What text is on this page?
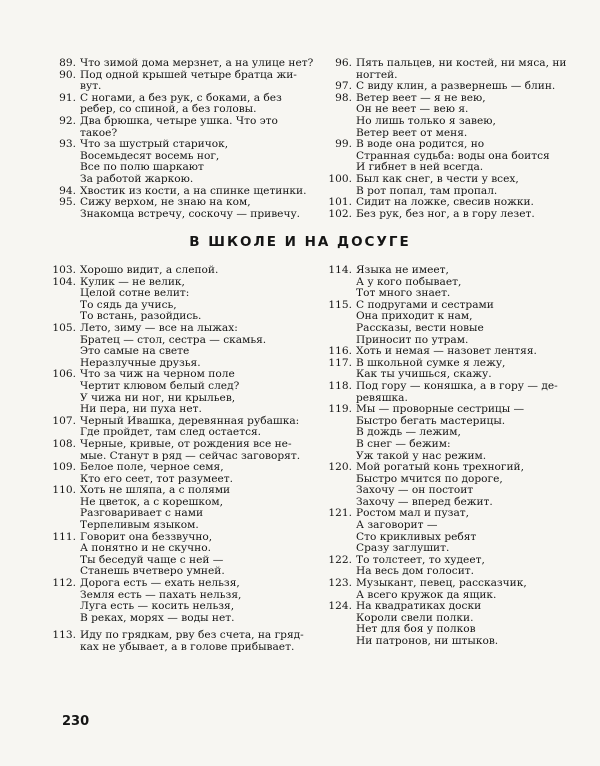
89. Что зимой дома мерзнет, а на улице нет?
90. Под одной крышей четыре братца жи-
вут.
91. С ногами, а без рук, с боками, а без
ребер, со спиной, а без головы.
92. Два брюшка, четыре ушка. Что это
такое?
93. Что за шустрый старичок,
Восемьдесят восемь ног,
Все по полю шаркают
За работой жаркою.
94. Хвостик из кости, а на спинке щетинки.
95. Сижу верхом, не знаю на ком,
Знакомца встречу, соскочу — привечу.
96. Пять пальцев, ни костей, ни мяса, ни
ногтей.
97. С виду клин, а развернешь — блин.
98. Ветер веет — я не вею,
Он не веет — вею я.
Но лишь только я завею,
Ветер веет от меня.
99. В воде она родится, но
Странная судьба: воды она боится
И гибнет в ней всегда.
100. Был как снег, в чести у всех,
В рот попал, там пропал.
101. Сидит на ложке, свесив ножки.
102. Без рук, без ног, а в гору лезет.
В ШКОЛЕ И НА ДОСУГЕ
103. Хорошо видит, а слепой.
104. Кулик — не велик,
Целой сотне велит:
То сядь да учись,
То встань, разойдись.
105. Лето, зиму — все на лыжах:
Братец — стол, сестра — скамья.
Это самые на свете
Неразлучные друзья.
106. Что за чиж на черном поле
Чертит клювом белый след?
У чижа ни ног, ни крыльев,
Ни пера, ни пуха нет.
107. Черный Ивашка, деревянная рубашка:
Где пройдет, там след остается.
108. Черные, кривые, от рождения все не-
мые. Станут в ряд — сейчас заговорят.
109. Белое поле, черное семя,
Кто его сеет, тот разумеет.
110. Хоть не шляпа, а с полями
Не цветок, а с корешком,
Разговаривает с нами
Терпеливым языком.
111. Говорит она беззвучно,
А понятно и не скучно.
Ты беседуй чаще с ней —
Станешь вчетверо умней.
112. Дорога есть — ехать нельзя,
Земля есть — пахать нельзя,
Луга есть — косить нельзя,
В реках, морях — воды нет.
113. Иду по грядкам, рву без счета, на гряд-
ках не убывает, а в голове прибывает.
114. Языка не имеет,
А у кого побывает,
Тот много знает.
115. С подругами и сестрами
Она приходит к нам,
Рассказы, вести новые
Приносит по утрам.
116. Хоть и немая — назовет лентяя.
117. В школьной сумке я лежу,
Как ты учишься, скажу.
118. Под гору — коняшка, а в гору — де-
ревяшка.
119. Мы — проворные сестрицы —
Быстро бегать мастерицы.
В дождь — лежим,
В снег — бежим:
Уж такой у нас режим.
120. Мой рогатый конь трехногий,
Быстро мчится по дороге,
Захочу — он постоит
Захочу — вперед бежит.
121. Ростом мал и пузат,
А заговорит —
Сто крикливых ребят
Сразу заглушит.
122. То толстеет, то худеет,
На весь дом голосит.
123. Музыкант, певец, рассказчик,
А всего кружок да ящик.
124. На квадратиках доски
Короли свели полки.
Нет для боя у полков
Ни патронов, ни штыков.
230
